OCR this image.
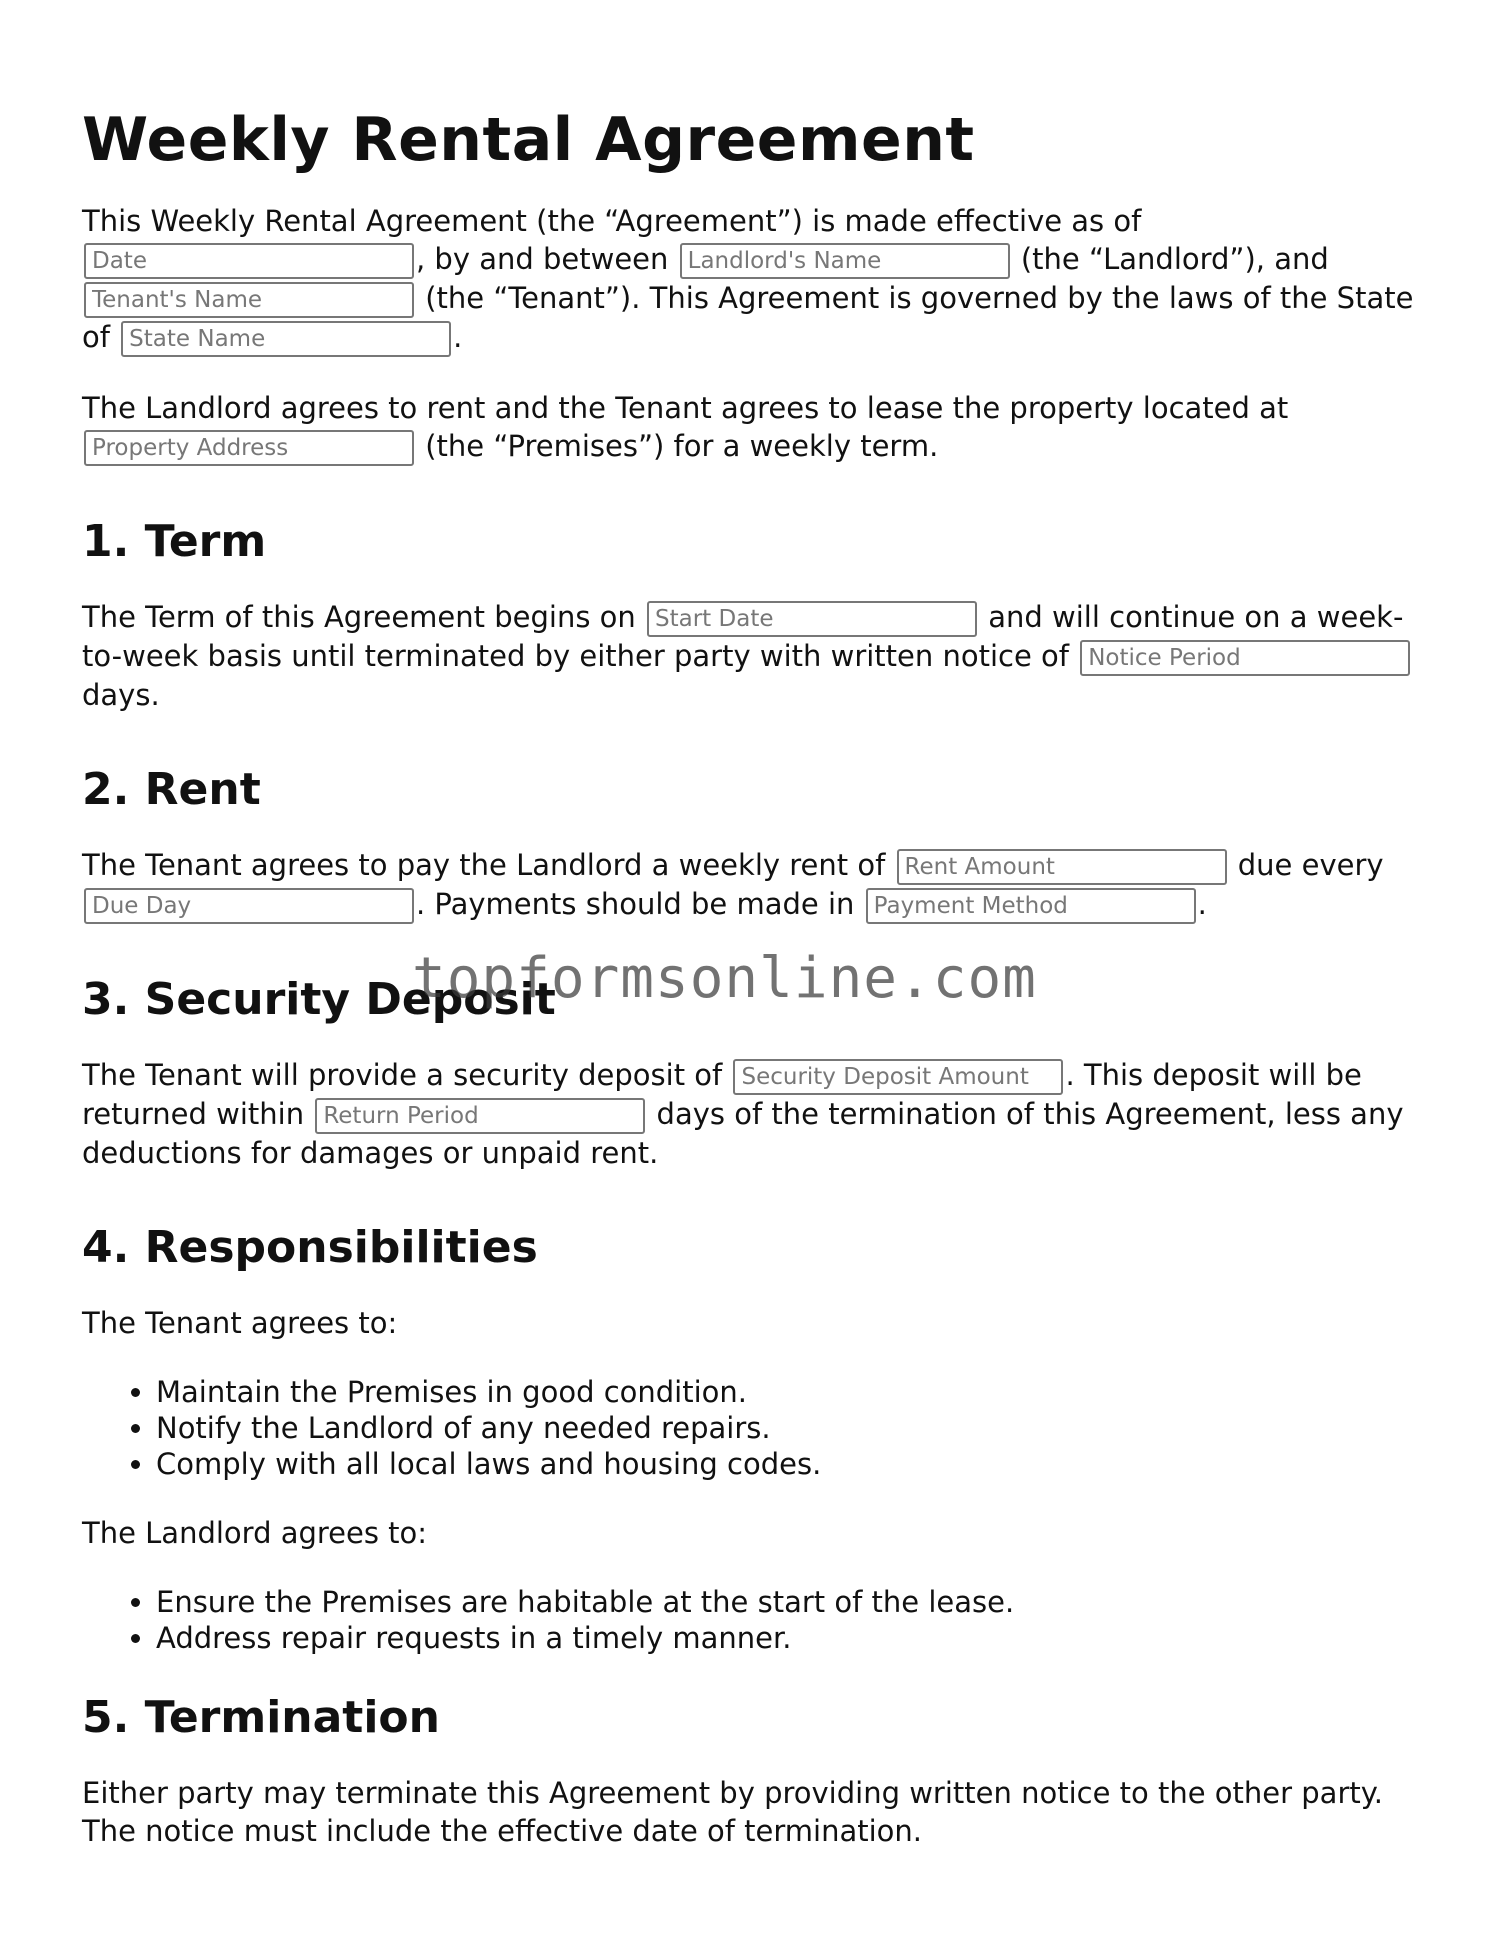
Weekly Rental Agreement

This Weekly Rental Agreement (the “Agreement”) is made effective as of Date, by and between Landlord's Name	(the “Landlord”), and Tenant's Name (the “Tenant”). This Agreement is governed by the laws of the State of State Name	.

The Landlord agrees to rent and the Tenant agrees to lease the property located at Property Address (the “Premises”) for a weekly term.

1. Term

The Term of this Agreement begins on Start Date	and will continue on a week-to-week basis until terminated by either party with written notice of Notice Period days.

2. Rent

The Tenant agrees to pay the Landlord a weekly rent of Rent Amount	due every Due Day. Payments should be made in Payment Method	.

3. Security Deposit

The Tenant will provide a security deposit of Security Deposit Amount	. This deposit will be returned within Return Period	days of the termination of this Agreement, less any deductions for damages or unpaid rent.

4. Responsibilities

The Tenant agrees to:

• Maintain the Premises in good condition.
• Notify the Landlord of any needed repairs.
• Comply with all local laws and housing codes.

The Landlord agrees to:

• Ensure the Premises are habitable at the start of the lease.
• Address repair requests in a timely manner.
5. Termination

Either party may terminate this Agreement by providing written notice to the other party. The notice must include the effective date of termination.

topformsonline.com
